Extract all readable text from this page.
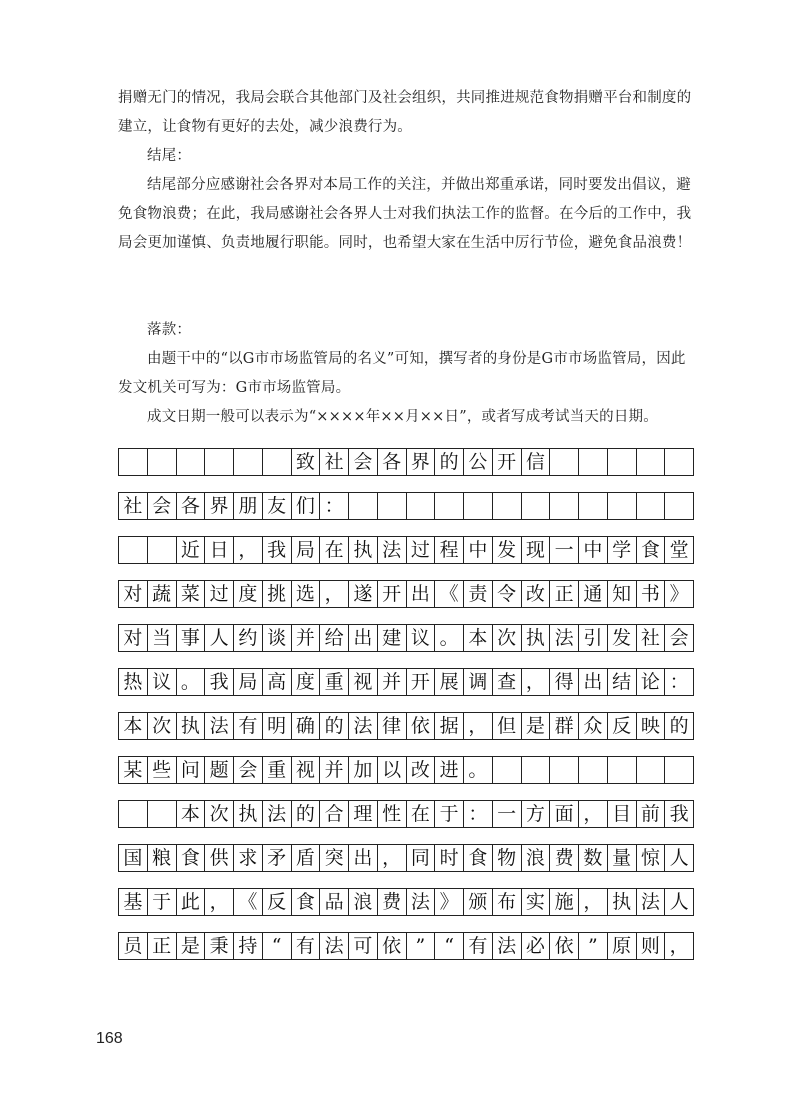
捐赠无门的情况，我局会联合其他部门及社会组织，共同推进规范食物捐赠平台和制度的建立，让食物有更好的去处，减少浪费行为。

结尾：

结尾部分应感谢社会各界对本局工作的关注，并做出郑重承诺，同时要发出倡议，避免食物浪费；在此，我局感谢社会各界人士对我们执法工作的监督。在今后的工作中，我局会更加谨慎、负责地履行职能。同时，也希望大家在生活中厉行节俭，避免食品浪费！

落款：

由题干中的“以G市市场监管局的名义”可知，撰写者的身份是G市市场监管局，因此发文机关可写为：G市市场监管局。

成文日期一般可以表示为“××××年××月××日”，或者写成考试当天的日期。

致 社 会 各 界 的 公 开 信
社 会 各 界 朋 友 们 ：
近 日 ， 我 局 在 执 法 过 程 中 发 现 一 中 学 食 堂
对 蔬 菜 过 度 挑 选 ， 遂 开 出 《 责 令 改 正 通 知 书 》
对 当 事 人 约 谈 并 给 出 建 议 。 本 次 执 法 引 发 社 会
热 议 。 我 局 高 度 重 视 并 开 展 调 查 ， 得 出 结 论 ：
本 次 执 法 有 明 确 的 法 律 依 据 ， 但 是 群 众 反 映 的
某 些 问 题 会 重 视 并 加 以 改 进 。
本 次 执 法 的 合 理 性 在 于 ： 一 方 面 ， 目 前 我
国 粮 食 供 求 矛 盾 突 出 ， 同 时 食 物 浪 费 数 量 惊 人
基 于 此 ， 《 反 食 品 浪 费 法 》 颁 布 实 施 ， 执 法 人
员 正 是 秉 持 “ 有 法 可 依 ”	“ 有 法 必 依 ” 原 则 ，
168
